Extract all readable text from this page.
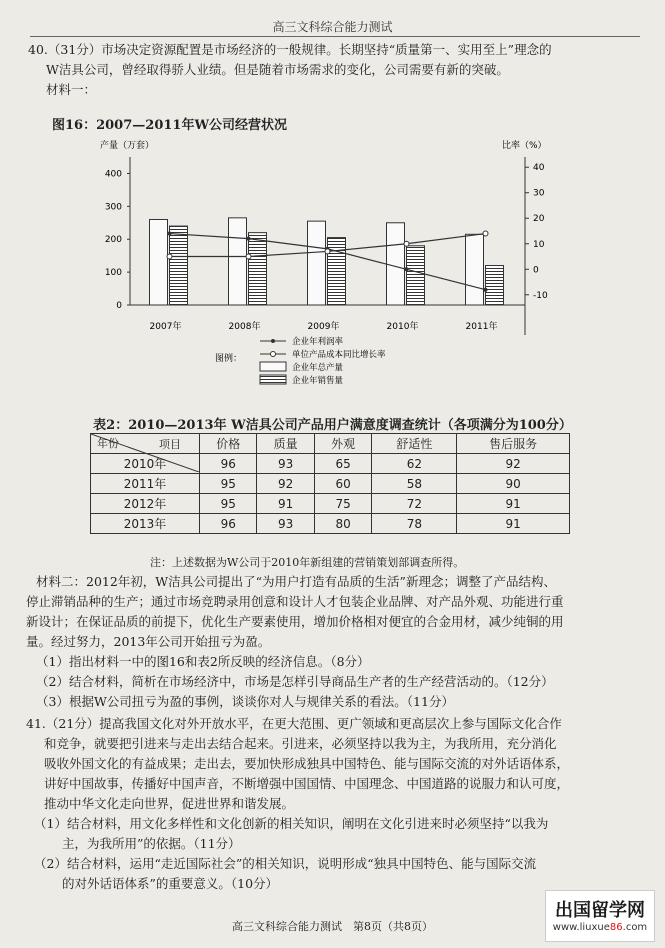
高三文科综合能力测试

40.（31分）市场决定资源配置是市场经济的一般规律。长期坚持“质量第一、实用至上”理念的

W洁具公司，曾经取得骄人业绩。但是随着市场需求的变化，公司需要有新的突破。

材料一：

图16：2007—2011年W公司经营状况
产量（万套）	比率（%）
0
100
200
300
400
-10
0
10
20
30
40
2007年	2008年	2009年	2010年	2011年
图例：
企业年利润率
单位产品成本同比增长率
企业年总产量
企业年销售量
表2：2010—2013年 W洁具公司产品用户满意度调查统计（各项满分为100分）
项目
年份	价格	质量	外观	舒适性	售后服务
2010年	96	93	65	62	92
2011年	95	92	60	58	90
2012年	95	91	75	72	91
2013年	96	93	80	78	91
注：上述数据为W公司于2010年新组建的营销策划部调查所得。

材料二：2012年初，W洁具公司提出了“为用户打造有品质的生活”新理念；调整了产品结构、

停止滞销品种的生产；通过市场竞聘录用创意和设计人才包装企业品牌、对产品外观、功能进行重

新设计；在保证品质的前提下，优化生产要素使用，增加价格相对便宜的合金用材，减少纯铜的用

量。经过努力，2013年公司开始扭亏为盈。

（1）指出材料一中的图16和表2所反映的经济信息。（8分）

（2）结合材料，简析在市场经济中，市场是怎样引导商品生产者的生产经营活动的。（12分）

（3）根据W公司扭亏为盈的事例，谈谈你对人与规律关系的看法。（11分）

41.（21分）提高我国文化对外开放水平，在更大范围、更广领域和更高层次上参与国际文化合作

和竞争，就要把引进来与走出去结合起来。引进来，必须坚持以我为主，为我所用，充分消化

吸收外国文化的有益成果；走出去，要加快形成独具中国特色、能与国际交流的对外话语体系，

讲好中国故事，传播好中国声音，不断增强中国国情、中国理念、中国道路的说服力和认可度，

推动中华文化走向世界，促进世界和谐发展。

（1）结合材料，用文化多样性和文化创新的相关知识，阐明在文化引进来时必须坚持“以我为

主，为我所用”的依据。（11分）

（2）结合材料，运用“走近国际社会”的相关知识，说明形成“独具中国特色、能与国际交流

的对外话语体系”的重要意义。（10分）

高三文科综合能力测试　第8页（共8页）
出国留学网
www.liuxue86.com
